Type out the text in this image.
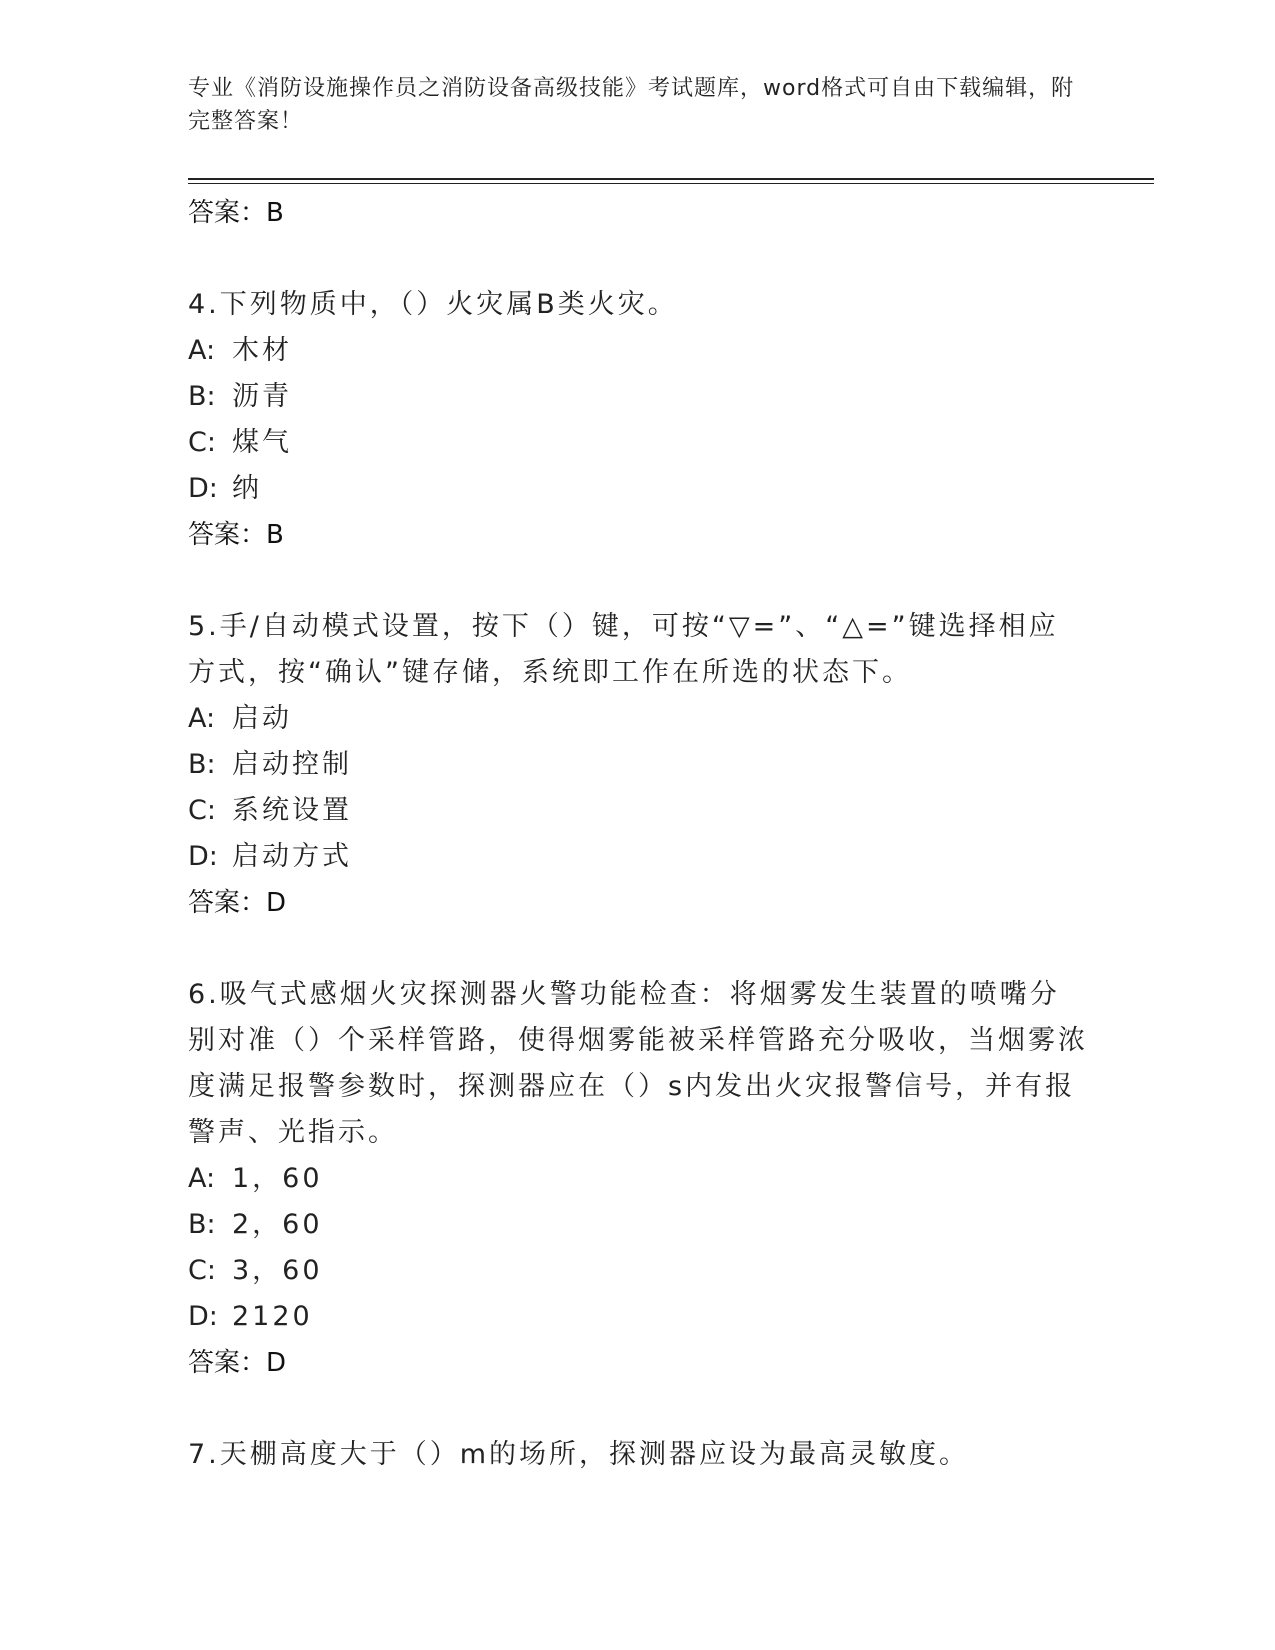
专业《消防设施操作员之消防设备高级技能》考试题库，word格式可自由下载编辑，附完整答案！
答案：B
4.下列物质中，（）火灾属B类火灾。
A: 木材
B: 沥青
C: 煤气
D: 纳
答案：B
5.手/自动模式设置，按下（）键，可按“▽=”、“△=”键选择相应方式，按“确认”键存储，系统即工作在所选的状态下。
A: 启动
B: 启动控制
C: 系统设置
D: 启动方式
答案：D
6.吸气式感烟火灾探测器火警功能检查：将烟雾发生装置的喷嘴分别对准（）个采样管路，使得烟雾能被采样管路充分吸收，当烟雾浓度满足报警参数时，探测器应在（）s内发出火灾报警信号，并有报警声、光指示。
A: 1，60
B: 2，60
C: 3，60
D: 2120
答案：D
7.天棚高度大于（）m的场所，探测器应设为最高灵敏度。
